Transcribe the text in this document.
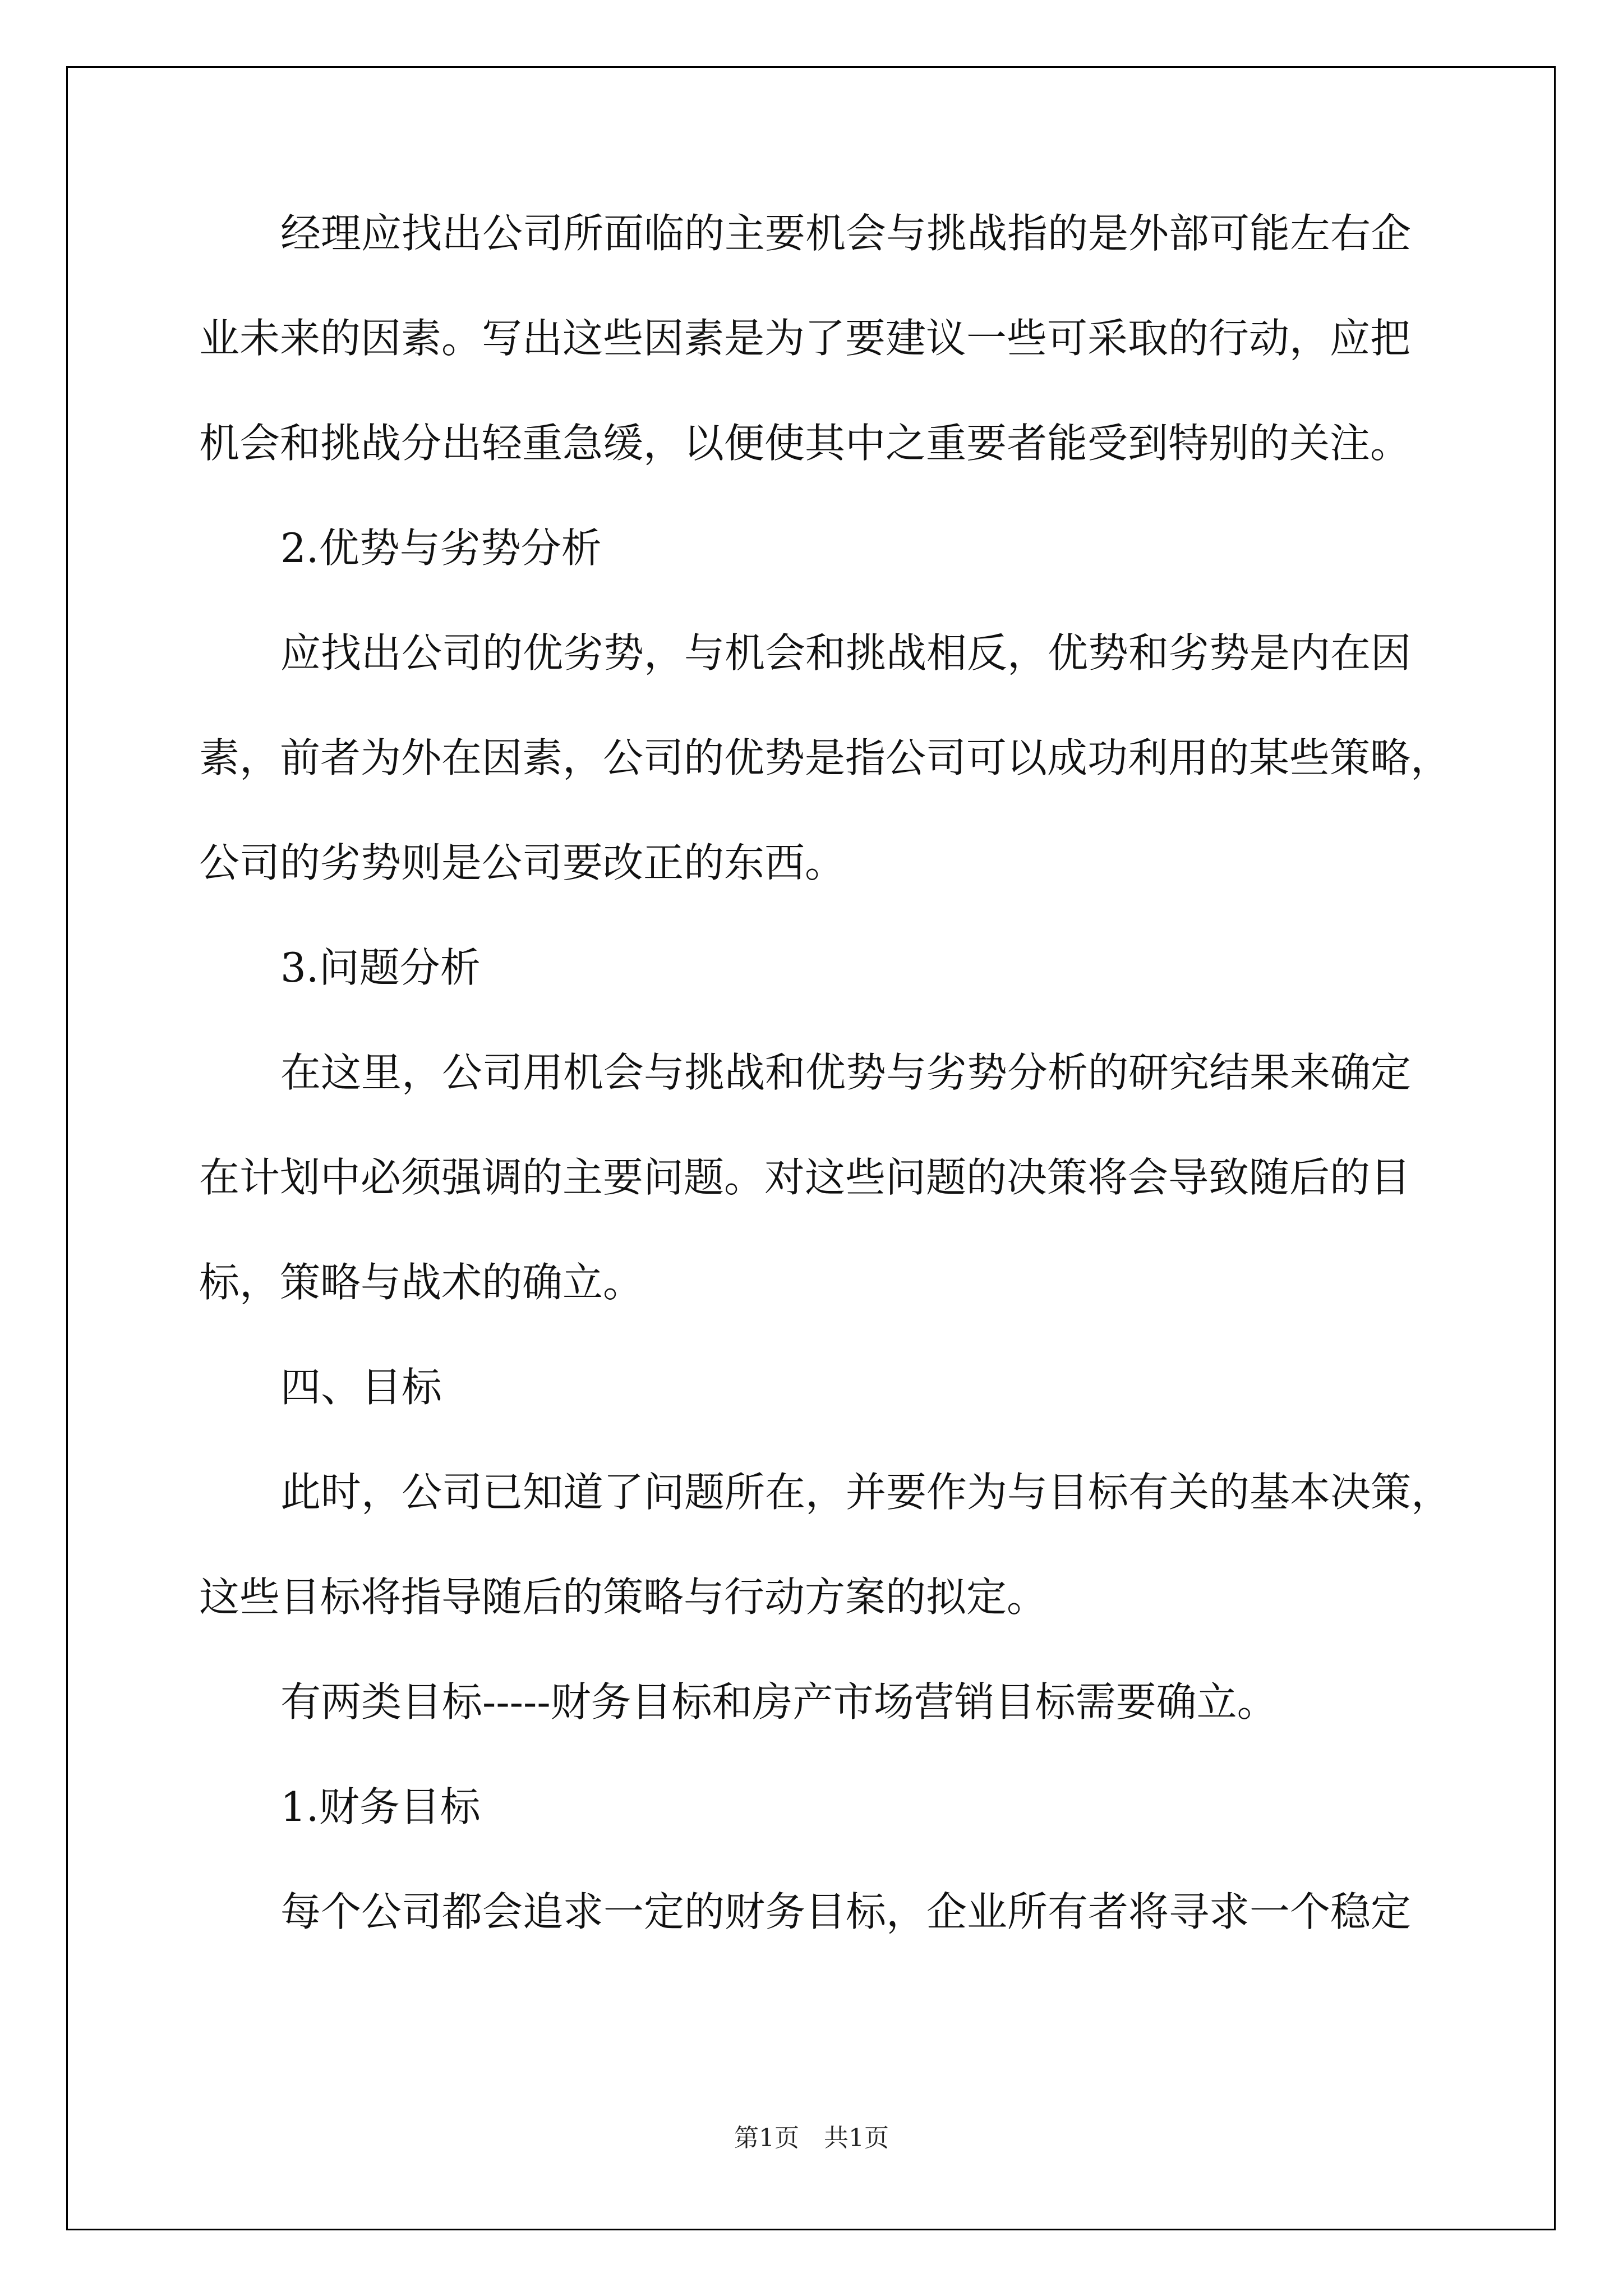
经理应找出公司所面临的主要机会与挑战指的是外部可能左右企
业未来的因素。写出这些因素是为了要建议一些可采取的行动，应把
机会和挑战分出轻重急缓，以便使其中之重要者能受到特别的关注。
2.优势与劣势分析
应找出公司的优劣势，与机会和挑战相反，优势和劣势是内在因
素，前者为外在因素，公司的优势是指公司可以成功利用的某些策略，
公司的劣势则是公司要改正的东西。
3.问题分析
在这里，公司用机会与挑战和优势与劣势分析的研究结果来确定
在计划中必须强调的主要问题。对这些问题的决策将会导致随后的目
标，策略与战术的确立。
四、目标
此时，公司已知道了问题所在，并要作为与目标有关的基本决策，
这些目标将指导随后的策略与行动方案的拟定。
有两类目标-----财务目标和房产市场营销目标需要确立。
1.财务目标
每个公司都会追求一定的财务目标，企业所有者将寻求一个稳定
第1页　共1页
